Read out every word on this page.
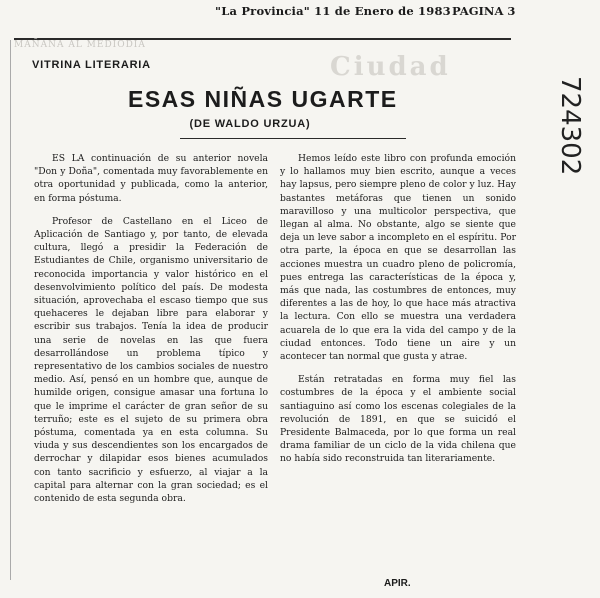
"La Provincia" 11 de Enero de 1983 PAGINA 3
MAÑANA AL MEDIODIA
Ciudad
VITRINA LITERARIA
ESAS NIÑAS UGARTE
(DE WALDO URZUA)

ES LA continuación de su anterior novela "Don y Doña", comentada muy favorablemente en otra oportunidad y publicada, como la anterior, en forma póstuma.

Profesor de Castellano en el Liceo de Aplicación de Santiago y, por tanto, de elevada cultura, llegó a presidir la Federación de Estudiantes de Chile, organismo universitario de reconocida importancia y valor histórico en el desenvolvimiento político del país. De modesta situación, aprovechaba el escaso tiempo que sus quehaceres le dejaban libre para elaborar y escribir sus trabajos. Tenía la idea de producir una serie de novelas en las que fuera desarrollándose un problema típico y representativo de los cambios sociales de nuestro medio. Así, pensó en un hombre que, aunque de humilde origen, consigue amasar una fortuna lo que le imprime el carácter de gran señor de su terruño; este es el sujeto de su primera obra póstuma, comentada ya en esta columna. Su viuda y sus descendientes son los encargados de derrochar y dilapidar esos bienes acumulados con tanto sacrificio y esfuerzo, al viajar a la capital para alternar con la gran sociedad; es el contenido de esta segunda obra.

Hemos leído este libro con profunda emoción y lo hallamos muy bien escrito, aunque a veces hay lapsus, pero siempre pleno de color y luz. Hay bastantes metáforas que tienen un sonido maravilloso y una multicolor perspectiva, que llegan al alma. No obstante, algo se siente que deja un leve sabor a incompleto en el espíritu. Por otra parte, la época en que se desarrollan las acciones muestra un cuadro pleno de policromía, pues entrega las características de la época y, más que nada, las costumbres de entonces, muy diferentes a las de hoy, lo que hace más atractiva la lectura. Con ello se muestra una verdadera acuarela de lo que era la vida del campo y de la ciudad entonces. Todo tiene un aire y un acontecer tan normal que gusta y atrae.

Están retratadas en forma muy fiel las costumbres de la época y el ambiente social santiaguino así como los escenas colegiales de la revolución de 1891, en que se suicidó el Presidente Balmaceda, por lo que forma un real drama familiar de un ciclo de la vida chilena que no había sido reconstruida tan literariamente.

APIR.
724302
